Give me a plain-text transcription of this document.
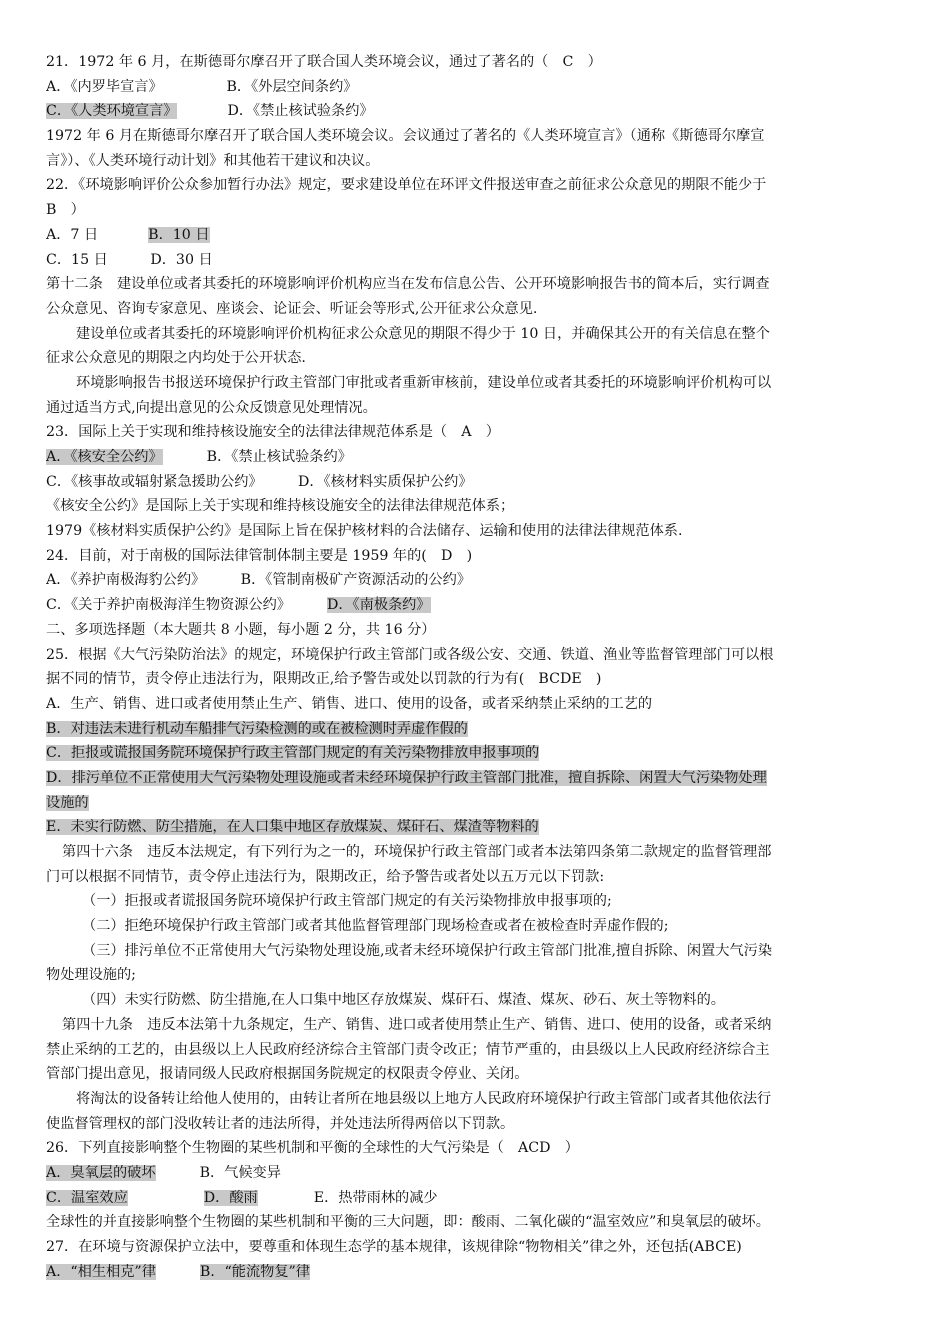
21．1972 年 6 月，在斯德哥尔摩召开了联合国人类环境会议，通过了著名的（　C　）
A．《内罗毕宣言》　　　　　B．《外层空间条约》
C．《人类环境宣言》	D．《禁止核试验条约》
1972 年 6 月在斯德哥尔摩召开了联合国人类环境会议。会议通过了著名的《人类环境宣言》（通称《斯德哥尔摩宣
言》）、《人类环境行动计划》和其他若干建议和决议。
22．《环境影响评价公众参加暂行办法》规定，要求建设单位在环评文件报送审查之前征求公众意见的期限不能少于
B　）
A．7 日	B．10 日
C．15 日　　　D．30 日
第十二条　建设单位或者其委托的环境影响评价机构应当在发布信息公告、公开环境影响报告书的简本后，实行调查
公众意见、咨询专家意见、座谈会、论证会、听证会等形式,公开征求公众意见.
建设单位或者其委托的环境影响评价机构征求公众意见的期限不得少于 10 日，并确保其公开的有关信息在整个
征求公众意见的期限之内均处于公开状态.
环境影响报告书报送环境保护行政主管部门审批或者重新审核前，建设单位或者其委托的环境影响评价机构可以
通过适当方式,向提出意见的公众反馈意见处理情况。
23．国际上关于实现和维持核设施安全的法律法律规范体系是（　A　）
A．《核安全公约》	B．《禁止核试验条约》
C．《核事故或辐射紧急援助公约》　　　D．《核材料实质保护公约》
《核安全公约》是国际上关于实现和维持核设施安全的法律法律规范体系；
1979《核材料实质保护公约》是国际上旨在保护核材料的合法储存、运输和使用的法律法律规范体系.
24．目前，对于南极的国际法律管制体制主要是 1959 年的(　D　)
A．《养护南极海豹公约》　　　B．《管制南极矿产资源活动的公约》
C．《关于养护南极海洋生物资源公约》	D．《南极条约》
二、多项选择题（本大题共 8 小题，每小题 2 分，共 16 分）
25．根据《大气污染防治法》的规定，环境保护行政主管部门或各级公安、交通、铁道、渔业等监督管理部门可以根
据不同的情节，责令停止违法行为，限期改正,给予警告或处以罚款的行为有(　BCDE　)
A．生产、销售、进口或者使用禁止生产、销售、进口、使用的设备，或者采纳禁止采纳的工艺的
B．对违法未进行机动车船排气污染检测的或在被检测时弄虚作假的
C．拒报或谎报国务院环境保护行政主管部门规定的有关污染物排放申报事项的
D．排污单位不正常使用大气污染物处理设施或者未经环境保护行政主管部门批准，擅自拆除、闲置大气污染物处理
设施的
E．未实行防燃、防尘措施，在人口集中地区存放煤炭、煤矸石、煤渣等物料的
第四十六条　违反本法规定，有下列行为之一的，环境保护行政主管部门或者本法第四条第二款规定的监督管理部
门可以根据不同情节，责令停止违法行为，限期改正，给予警告或者处以五万元以下罚款:
（一）拒报或者谎报国务院环境保护行政主管部门规定的有关污染物排放申报事项的;
（二）拒绝环境保护行政主管部门或者其他监督管理部门现场检查或者在被检查时弄虚作假的;
（三）排污单位不正常使用大气污染物处理设施,或者未经环境保护行政主管部门批准,擅自拆除、闲置大气污染
物处理设施的;
（四）未实行防燃、防尘措施,在人口集中地区存放煤炭、煤矸石、煤渣、煤灰、砂石、灰土等物料的。
第四十九条　违反本法第十九条规定，生产、销售、进口或者使用禁止生产、销售、进口、使用的设备，或者采纳
禁止采纳的工艺的，由县级以上人民政府经济综合主管部门责令改正；情节严重的，由县级以上人民政府经济综合主
管部门提出意见，报请同级人民政府根据国务院规定的权限责令停业、关闭。
将淘汰的设备转让给他人使用的，由转让者所在地县级以上地方人民政府环境保护行政主管部门或者其他依法行
使监督管理权的部门没收转让者的违法所得，并处违法所得两倍以下罚款。
26．下列直接影响整个生物圈的某些机制和平衡的全球性的大气污染是（　ACD　）
A．臭氧层的破坏	B．气候变异
C．温室效应	D．酸雨	E．热带雨林的减少
全球性的并直接影响整个生物圈的某些机制和平衡的三大问题，即：酸雨、二氧化碳的“温室效应”和臭氧层的破坏。
27．在环境与资源保护立法中，要尊重和体现生态学的基本规律，该规律除“物物相关”律之外，还包括(ABCE)
A．“相生相克”律	B．“能流物复”律
